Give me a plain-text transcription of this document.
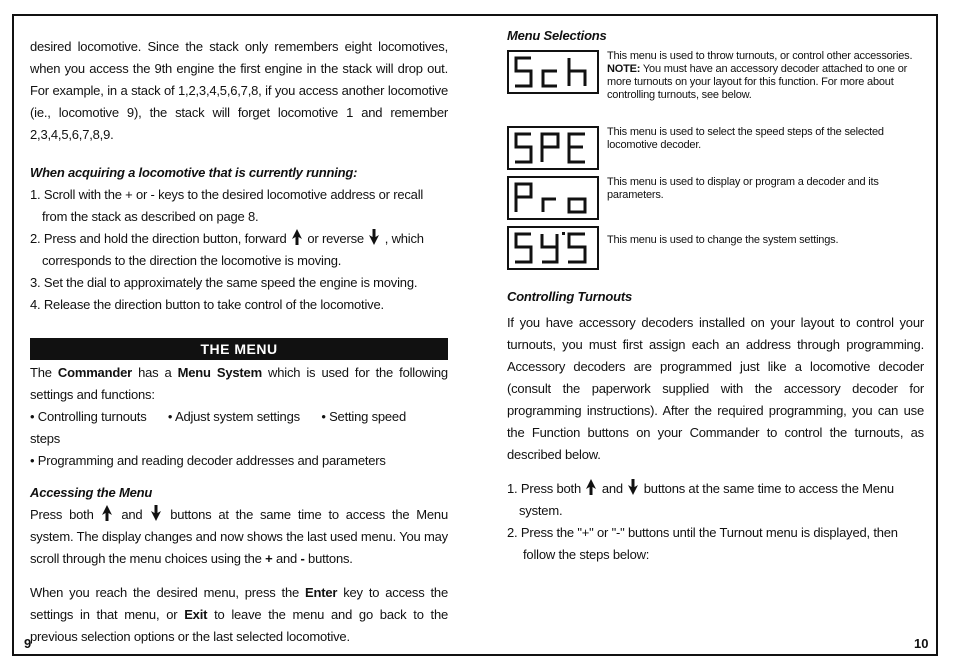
desired locomotive. Since the stack only remembers eight locomotives, when you access the 9th engine the first engine in the stack will drop out. For example, in a stack of 1,2,3,4,5,6,7,8, if you access another locomotive (ie., locomotive 9), the stack will forget locomotive 1 and remember 2,3,4,5,6,7,8,9.

When acquiring a locomotive that is currently running:

1. Scroll with the + or - keys to the desired locomotive address or recall from the stack as described on page 8.

2. Press and hold the direction button, forward or reverse , which corresponds to the direction the locomotive is moving.

3. Set the dial to approximately the same speed the engine is moving.

4. Release the direction button to take control of the locomotive.

THE MENU

The Commander has a Menu System which is used for the following settings and functions:

• Controlling turnouts • Adjust system settings • Setting speed steps

• Programming and reading decoder addresses and parameters

Accessing the Menu

Press both and buttons at the same time to access the Menu system. The display changes and now shows the last used menu. You may scroll through the menu choices using the + and - buttons.

When you reach the desired menu, press the Enter key to access the settings in that menu, or Exit to leave the menu and go back to the previous selection options or the last selected locomotive.

9

Menu Selections

This menu is used to throw turnouts, or control other accessories. NOTE: You must have an accessory decoder attached to one or more turnouts on your layout for this function. For more about controlling turnouts, see below.
This menu is used to select the speed steps of the selected locomotive decoder.
This menu is used to display or program a decoder and its parameters.
This menu is used to change the system settings.

Controlling Turnouts

If you have accessory decoders installed on your layout to control your turnouts, you must first assign each an address through programming. Accessory decoders are programmed just like a locomotive decoder (consult the paperwork supplied with the accessory decoder for programming instructions). After the required programming, you can use the Function buttons on your Commander to control the turnouts, as described below.

1. Press both and buttons at the same time to access the Menu system.

2. Press the "+" or "-" buttons until the Turnout menu is displayed, then follow the steps below:

10
